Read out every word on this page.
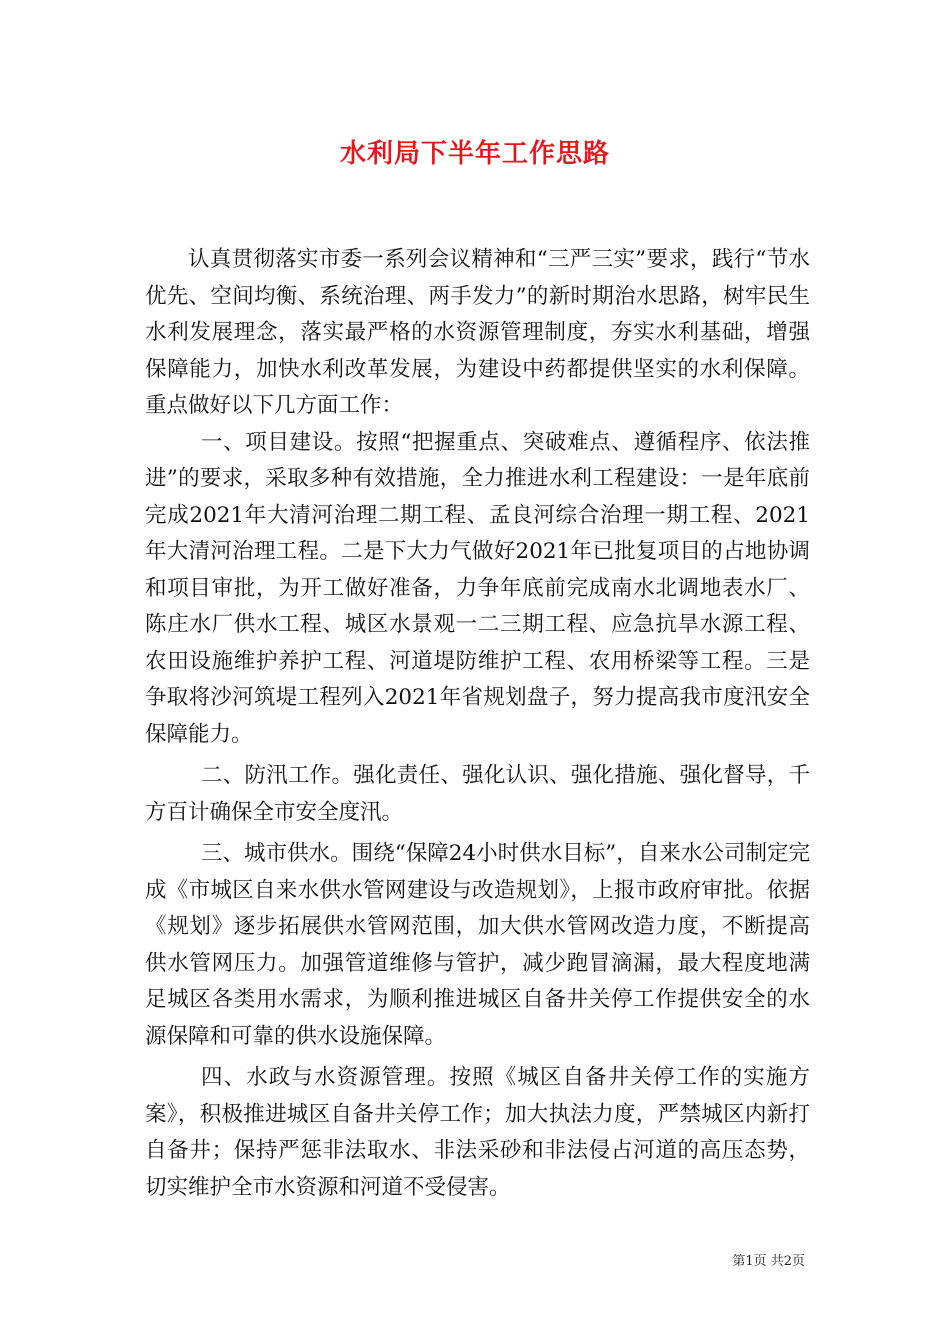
水利局下半年工作思路

认真贯彻落实市委一系列会议精神和“三严三实”要求，践行“节水优先、空间均衡、系统治理、两手发力”的新时期治水思路，树牢民生水利发展理念，落实最严格的水资源管理制度，夯实水利基础，增强保障能力，加快水利改革发展，为建设中药都提供坚实的水利保障。重点做好以下几方面工作：

一、项目建设。按照“把握重点、突破难点、遵循程序、依法推进”的要求，采取多种有效措施，全力推进水利工程建设：一是年底前完成2021年大清河治理二期工程、孟良河综合治理一期工程、2021年大清河治理工程。二是下大力气做好2021年已批复项目的占地协调和项目审批，为开工做好准备，力争年底前完成南水北调地表水厂、陈庄水厂供水工程、城区水景观一二三期工程、应急抗旱水源工程、农田设施维护养护工程、河道堤防维护工程、农用桥梁等工程。三是争取将沙河筑堤工程列入2021年省规划盘子，努力提高我市度汛安全保障能力。

二、防汛工作。强化责任、强化认识、强化措施、强化督导，千方百计确保全市安全度汛。

三、城市供水。围绕“保障24小时供水目标”，自来水公司制定完成《市城区自来水供水管网建设与改造规划》，上报市政府审批。依据《规划》逐步拓展供水管网范围，加大供水管网改造力度，不断提高供水管网压力。加强管道维修与管护，减少跑冒滴漏，最大程度地满足城区各类用水需求，为顺利推进城区自备井关停工作提供安全的水源保障和可靠的供水设施保障。

四、水政与水资源管理。按照《城区自备井关停工作的实施方案》，积极推进城区自备井关停工作；加大执法力度，严禁城区内新打自备井；保持严惩非法取水、非法采砂和非法侵占河道的高压态势，切实维护全市水资源和河道不受侵害。

第1页 共2页
